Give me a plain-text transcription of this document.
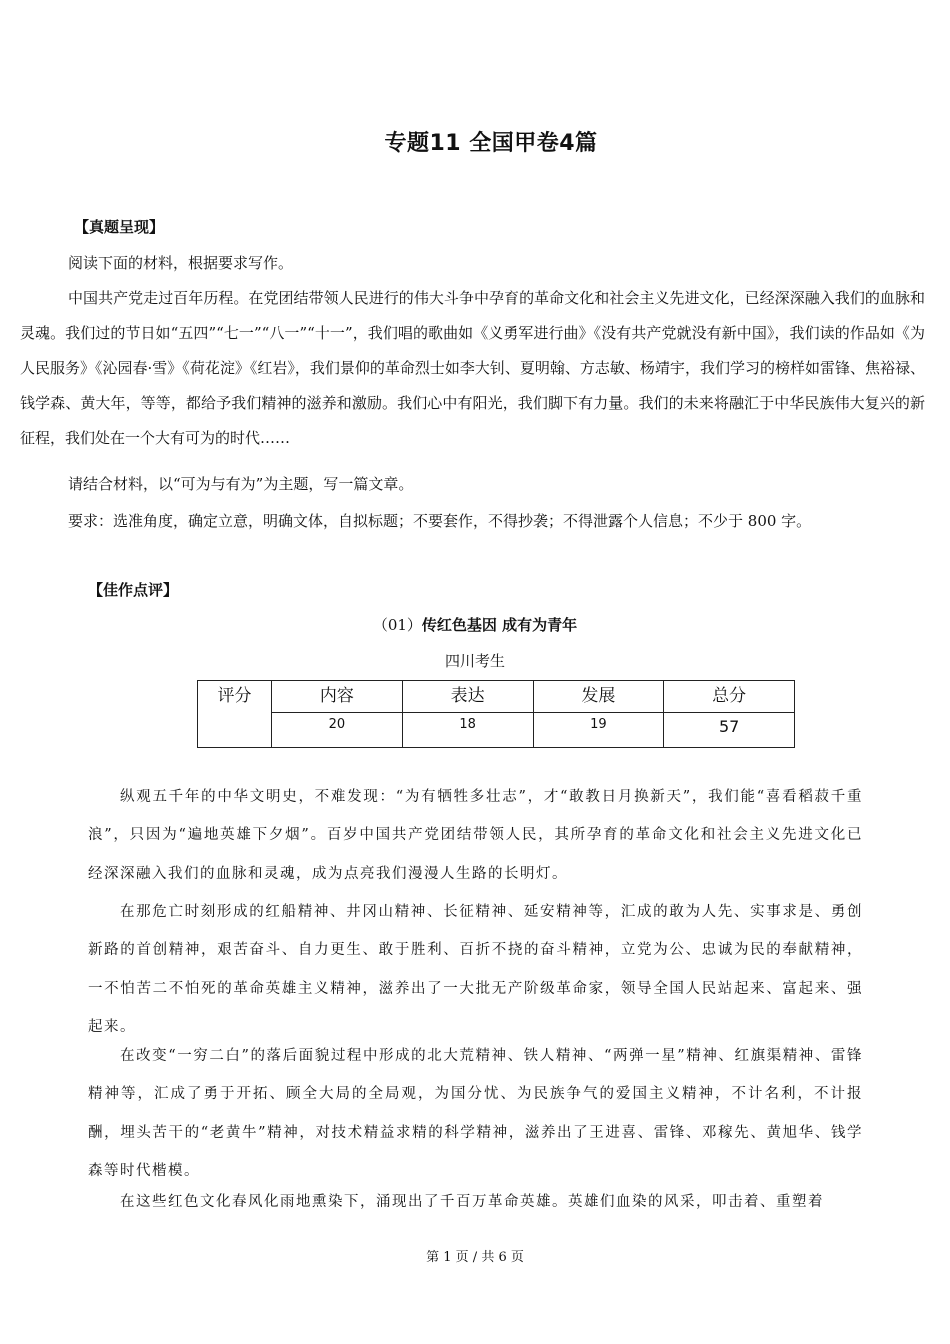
专题11 全国甲卷4篇
【真题呈现】

阅读下面的材料，根据要求写作。

中国共产党走过百年历程。在党团结带领人民进行的伟大斗争中孕育的革命文化和社会主义先进文化，已经深深融入我们的血脉和灵魂。我们过的节日如“五四”“七一”“八一”“十一”，我们唱的歌曲如《义勇军进行曲》《没有共产党就没有新中国》，我们读的作品如《为人民服务》《沁园春·雪》《荷花淀》《红岩》，我们景仰的革命烈士如李大钊、夏明翰、方志敏、杨靖宇，我们学习的榜样如雷锋、焦裕禄、钱学森、黄大年，等等，都给予我们精神的滋养和激励。我们心中有阳光，我们脚下有力量。我们的未来将融汇于中华民族伟大复兴的新征程，我们处在一个大有可为的时代……

请结合材料，以“可为与有为”为主题，写一篇文章。

要求：选准角度，确定立意，明确文体，自拟标题；不要套作，不得抄袭；不得泄露个人信息；不少于 800 字。

【佳作点评】
（01）传红色基因 成有为青年
四川考生
评分	内容	表达	发展	总分
	20	18	19	57

纵观五千年的中华文明史，不难发现：“为有牺牲多壮志”，才“敢教日月换新天”，我们能“喜看稻菽千重浪”，只因为“遍地英雄下夕烟”。百岁中国共产党团结带领人民，其所孕育的革命文化和社会主义先进文化已经深深融入我们的血脉和灵魂，成为点亮我们漫漫人生路的长明灯。

在那危亡时刻形成的红船精神、井冈山精神、长征精神、延安精神等，汇成的敢为人先、实事求是、勇创新路的首创精神，艰苦奋斗、自力更生、敢于胜利、百折不挠的奋斗精神，立党为公、忠诚为民的奉献精神，一不怕苦二不怕死的革命英雄主义精神，滋养出了一大批无产阶级革命家，领导全国人民站起来、富起来、强起来。

在改变“一穷二白”的落后面貌过程中形成的北大荒精神、铁人精神、“两弹一星”精神、红旗渠精神、雷锋精神等，汇成了勇于开拓、顾全大局的全局观，为国分忧、为民族争气的爱国主义精神，不计名利，不计报酬，埋头苦干的“老黄牛”精神，对技术精益求精的科学精神，滋养出了王进喜、雷锋、邓稼先、黄旭华、钱学森等时代楷模。

在这些红色文化春风化雨地熏染下，涌现出了千百万革命英雄。英雄们血染的风采，叩击着、重塑着

第 1 页 / 共 6 页
